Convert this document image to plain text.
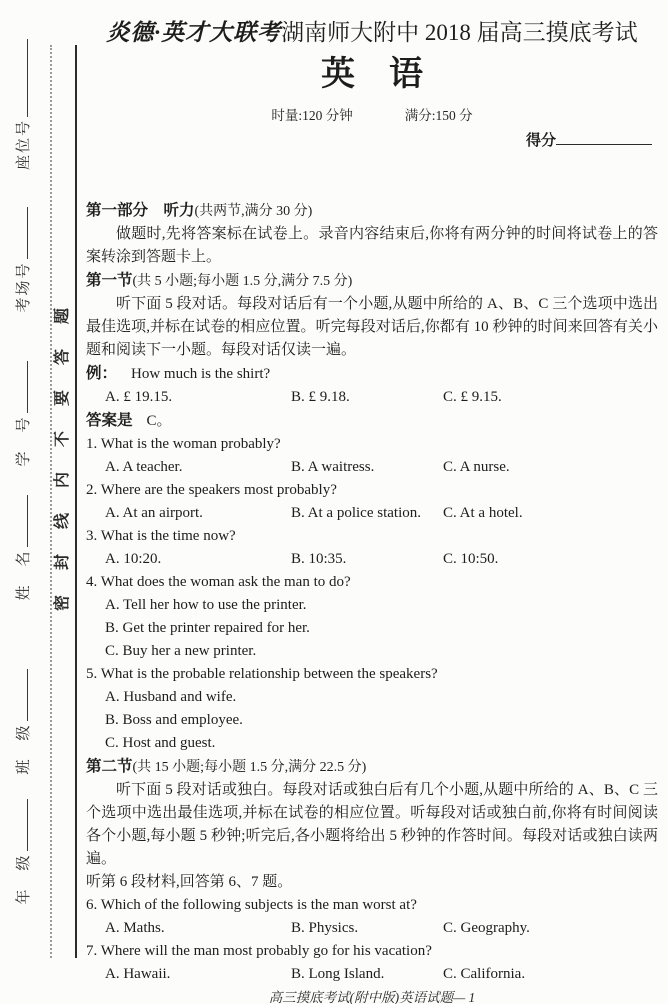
座位号
考场号
学　号
姓　名
班　级
年　级
密封线内不要答题
炎德·英才大联考湖南师大附中 2018 届高三摸底考试
英　语
时量:120 分钟	满分:150 分
得分

第一部分　听力(共两节,满分 30 分)

做题时,先将答案标在试卷上。录音内容结束后,你将有两分钟的时间将试卷上的答案转涂到答题卡上。

第一节(共 5 小题;每小题 1.5 分,满分 7.5 分)

听下面 5 段对话。每段对话后有一个小题,从题中所给的 A、B、C 三个选项中选出最佳选项,并标在试卷的相应位置。听完每段对话后,你都有 10 秒钟的时间来回答有关小题和阅读下一小题。每段对话仅读一遍。

例： How much is the shirt?

A. £ 19.15.	B. £ 9.18.	C. £ 9.15.

答案是 C。

1. What is the woman probably?

A. A teacher.	B. A waitress.	C. A nurse.

2. Where are the speakers most probably?

A. At an airport.	B. At a police station.	C. At a hotel.

3. What is the time now?

A. 10:20.	B. 10:35.	C. 10:50.

4. What does the woman ask the man to do?

A. Tell her how to use the printer.

B. Get the printer repaired for her.

C. Buy her a new printer.

5. What is the probable relationship between the speakers?

A. Husband and wife.

B. Boss and employee.

C. Host and guest.

第二节(共 15 小题;每小题 1.5 分,满分 22.5 分)

听下面 5 段对话或独白。每段对话或独白后有几个小题,从题中所给的 A、B、C 三个选项中选出最佳选项,并标在试卷的相应位置。听每段对话或独白前,你将有时间阅读各个小题,每小题 5 秒钟;听完后,各小题将给出 5 秒钟的作答时间。每段对话或独白读两遍。

听第 6 段材料,回答第 6、7 题。

6. Which of the following subjects is the man worst at?

A. Maths.	B. Physics.	C. Geography.

7. Where will the man most probably go for his vacation?

A. Hawaii.	B. Long Island.	C. California.

高三摸底考试(附中版)英语试题— 1
